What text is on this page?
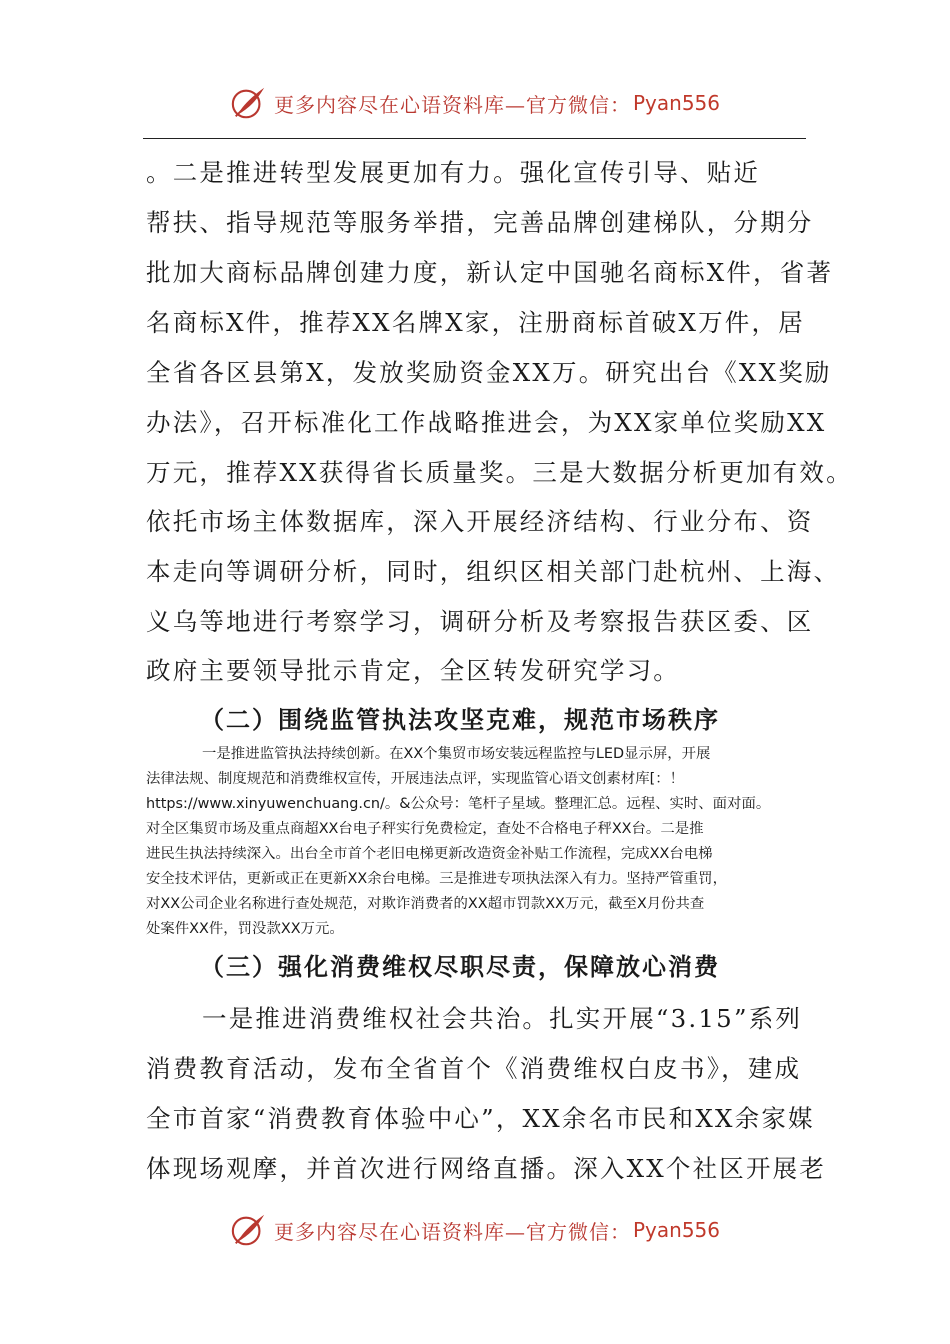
更多内容尽在心语资料库—官方微信： Pyan556
。二是推进转型发展更加有力。强化宣传引导、贴近
帮扶、指导规范等服务举措，完善品牌创建梯队，分期分
批加大商标品牌创建力度，新认定中国驰名商标X件，省著
名商标X件，推荐XX名牌X家，注册商标首破X万件，居
全省各区县第X，发放奖励资金XX万。研究出台《XX奖励
办法》，召开标准化工作战略推进会，为XX家单位奖励XX
万元，推荐XX获得省长质量奖。三是大数据分析更加有效。
依托市场主体数据库，深入开展经济结构、行业分布、资
本走向等调研分析，同时，组织区相关部门赴杭州、上海、
义乌等地进行考察学习，调研分析及考察报告获区委、区
政府主要领导批示肯定，全区转发研究学习。
（二）围绕监管执法攻坚克难，规范市场秩序
一是推进监管执法持续创新。在XX个集贸市场安装远程监控与LED显示屏，开展
法律法规、制度规范和消费维权宣传，开展违法点评，实现监管心语文创素材库[：！
https://www.xinyuwenchuang.cn/。&公众号：笔杆子星域。整理汇总。远程、实时、面对面。
对全区集贸市场及重点商超XX台电子秤实行免费检定，查处不合格电子秤XX台。二是推
进民生执法持续深入。出台全市首个老旧电梯更新改造资金补贴工作流程，完成XX台电梯
安全技术评估，更新或正在更新XX余台电梯。三是推进专项执法深入有力。坚持严管重罚，
对XX公司企业名称进行查处规范，对欺诈消费者的XX超市罚款XX万元，截至X月份共查
处案件XX件，罚没款XX万元。
（三）强化消费维权尽职尽责，保障放心消费
一是推进消费维权社会共治。扎实开展“3.15”系列
消费教育活动，发布全省首个《消费维权白皮书》，建成
全市首家“消费教育体验中心”，XX余名市民和XX余家媒
体现场观摩，并首次进行网络直播。深入XX个社区开展老
更多内容尽在心语资料库—官方微信： Pyan556
